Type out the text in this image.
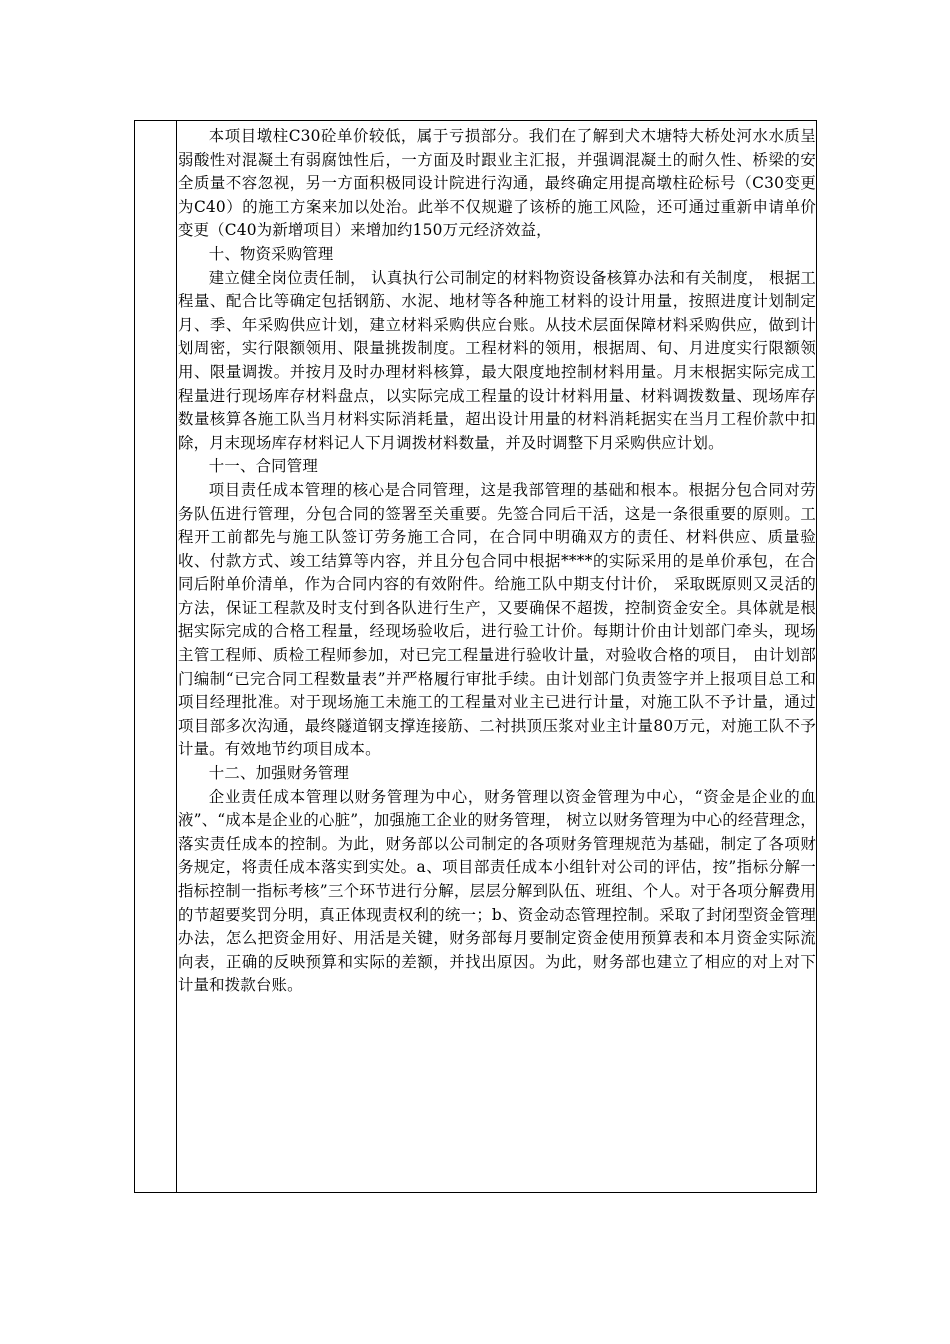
本项目墩柱C30砼单价较低，属于亏损部分。我们在了解到犬木塘特大桥处河水水质呈弱酸性对混凝土有弱腐蚀性后，一方面及时跟业主汇报，并强调混凝土的耐久性、桥梁的安全质量不容忽视，另一方面积极同设计院进行沟通，最终确定用提高墩柱砼标号（C30变更为C40）的施工方案来加以处治。此举不仅规避了该桥的施工风险，还可通过重新申请单价变更（C40为新增项目）来增加约150万元经济效益，

十、物资采购管理

建立健全岗位责任制， 认真执行公司制定的材料物资设备核算办法和有关制度， 根据工程量、配合比等确定包括钢筋、水泥、地材等各种施工材料的设计用量，按照进度计划制定月、季、年采购供应计划，建立材料采购供应台账。从技术层面保障材料采购供应，做到计划周密，实行限额领用、限量挑拨制度。工程材料的领用，根据周、旬、月进度实行限额领用、限量调拨。并按月及时办理材料核算，最大限度地控制材料用量。月末根据实际完成工程量进行现场库存材料盘点，以实际完成工程量的设计材料用量、材料调拨数量、现场库存数量核算各施工队当月材料实际消耗量，超出设计用量的材料消耗据实在当月工程价款中扣除，月末现场库存材料记人下月调拨材料数量，并及时调整下月采购供应计划。

十一、合同管理

项目责任成本管理的核心是合同管理，这是我部管理的基础和根本。根据分包合同对劳务队伍进行管理，分包合同的签署至关重要。先签合同后干活，这是一条很重要的原则。工程开工前都先与施工队签订劳务施工合同，在合同中明确双方的责任、材料供应、质量验收、付款方式、竣工结算等内容，并且分包合同中根据****的实际采用的是单价承包，在合同后附单价清单，作为合同内容的有效附件。给施工队中期支付计价， 采取既原则又灵活的方法，保证工程款及时支付到各队进行生产，又要确保不超拨，控制资金安全。具体就是根据实际完成的合格工程量，经现场验收后，进行验工计价。每期计价由计划部门牵头，现场主管工程师、质检工程师参加，对已完工程量进行验收计量，对验收合格的项目， 由计划部门编制“已完合同工程数量表”并严格履行审批手续。由计划部门负责签字并上报项目总工和项目经理批准。对于现场施工未施工的工程量对业主已进行计量，对施工队不予计量，通过项目部多次沟通，最终隧道钢支撑连接筋、二衬拱顶压浆对业主计量80万元，对施工队不予计量。有效地节约项目成本。

十二、加强财务管理

企业责任成本管理以财务管理为中心，财务管理以资金管理为中心，“资金是企业的血液”、“成本是企业的心脏”，加强施工企业的财务管理， 树立以财务管理为中心的经营理念，落实责任成本的控制。为此，财务部以公司制定的各项财务管理规范为基础，制定了各项财务规定，将责任成本落实到实处。a、项目部责任成本小组针对公司的评估，按”指标分解一指标控制一指标考核”三个环节进行分解，层层分解到队伍、班组、个人。对于各项分解费用的节超要奖罚分明，真正体现责权利的统一；b、资金动态管理控制。采取了封闭型资金管理办法，怎么把资金用好、用活是关键，财务部每月要制定资金使用预算表和本月资金实际流向表，正确的反映预算和实际的差额，并找出原因。为此，财务部也建立了相应的对上对下计量和拨款台账。
